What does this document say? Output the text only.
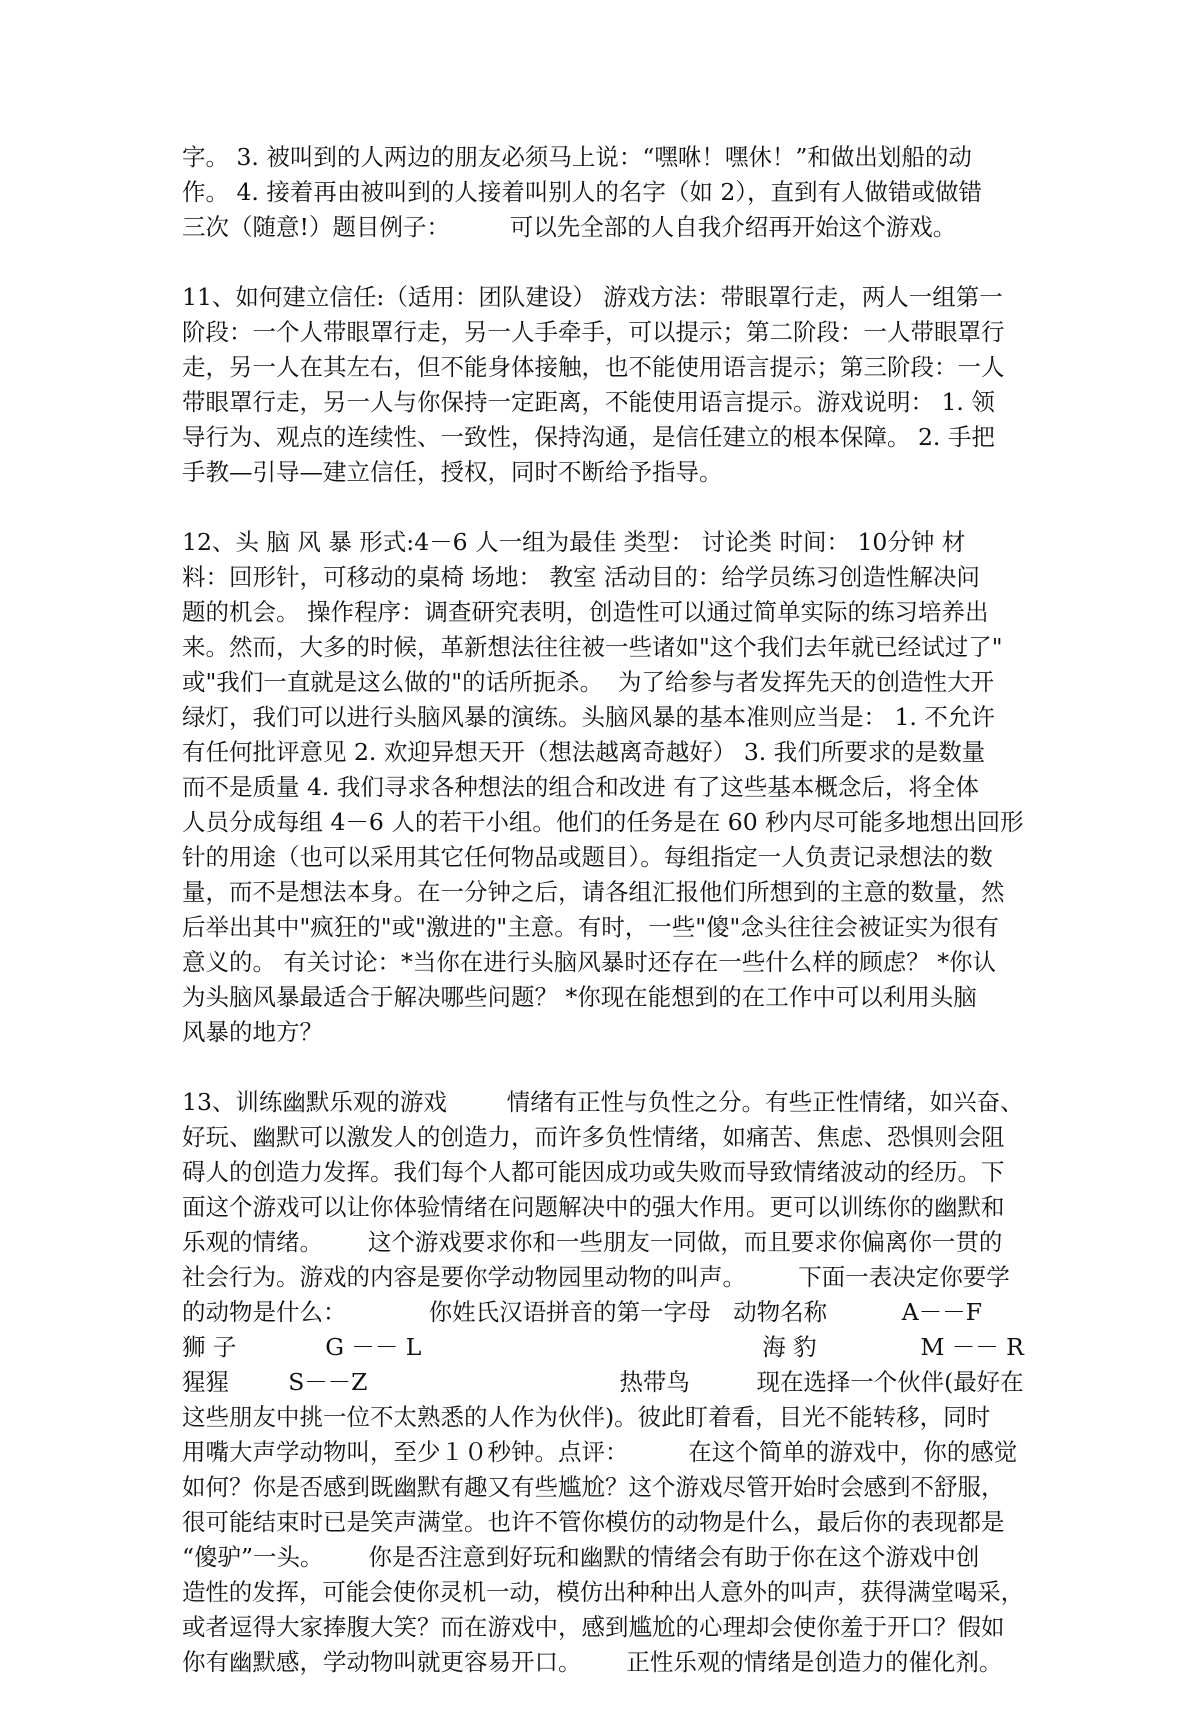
字。 3. 被叫到的人两边的朋友必须马上说：“嘿咻！嘿休！”和做出划船的动
作。 4. 接着再由被叫到的人接着叫别人的名字（如 2），直到有人做错或做错
三次（随意!）题目例子：        可以先全部的人自我介绍再开始这个游戏。
11、如何建立信任:（适用：团队建设） 游戏方法：带眼罩行走，两人一组第一
阶段：一个人带眼罩行走，另一人手牵手，可以提示；第二阶段：一人带眼罩行
走，另一人在其左右，但不能身体接触，也不能使用语言提示；第三阶段：一人
带眼罩行走，另一人与你保持一定距离，不能使用语言提示。游戏说明： 1. 领
导行为、观点的连续性、一致性，保持沟通，是信任建立的根本保障。 2. 手把
手教—引导—建立信任，授权，同时不断给予指导。
12、头 脑 风 暴 形式:4－6 人一组为最佳 类型： 讨论类 时间： 10分钟 材
料：回形针，可移动的桌椅 场地： 教室 活动目的：给学员练习创造性解决问
题的机会。 操作程序：调查研究表明，创造性可以通过简单实际的练习培养出
来。然而，大多的时候，革新想法往往被一些诸如"这个我们去年就已经试过了"
或"我们一直就是这么做的"的话所扼杀。  为了给参与者发挥先天的创造性大开
绿灯，我们可以进行头脑风暴的演练。头脑风暴的基本准则应当是： 1. 不允许
有任何批评意见 2. 欢迎异想天开（想法越离奇越好） 3. 我们所要求的是数量
而不是质量 4. 我们寻求各种想法的组合和改进 有了这些基本概念后，将全体
人员分成每组 4－6 人的若干小组。他们的任务是在 60 秒内尽可能多地想出回形
针的用途（也可以采用其它任何物品或题目）。每组指定一人负责记录想法的数
量，而不是想法本身。在一分钟之后，请各组汇报他们所想到的主意的数量，然
后举出其中"疯狂的"或"激进的"主意。有时，一些"傻"念头往往会被证实为很有
意义的。 有关讨论：*当你在进行头脑风暴时还存在一些什么样的顾虑？ *你认
为头脑风暴最适合于解决哪些问题？ *你现在能想到的在工作中可以利用头脑
风暴的地方？
13、训练幽默乐观的游戏        情绪有正性与负性之分。有些正性情绪，如兴奋、
好玩、幽默可以激发人的创造力，而许多负性情绪，如痛苦、焦虑、恐惧则会阻
碍人的创造力发挥。我们每个人都可能因成功或失败而导致情绪波动的经历。下
面这个游戏可以让你体验情绪在问题解决中的强大作用。更可以训练你的幽默和
乐观的情绪。      这个游戏要求你和一些朋友一同做，而且要求你偏离你一贯的
社会行为。游戏的内容是要你学动物园里动物的叫声。       下面一表决定你要学
的动物是什么：           你姓氏汉语拼音的第一字母   动物名称          A－－F
狮 子            G －－ L                                              海 豹              M －－ R
猩猩        S－－Z                                  热带鸟         现在选择一个伙伴(最好在
这些朋友中挑一位不太熟悉的人作为伙伴)。彼此盯着看，目光不能转移，同时
用嘴大声学动物叫，至少１０秒钟。点评：        在这个简单的游戏中，你的感觉
如何？你是否感到既幽默有趣又有些尴尬？这个游戏尽管开始时会感到不舒服，
很可能结束时已是笑声满堂。也许不管你模仿的动物是什么，最后你的表现都是
“傻驴”一头。      你是否注意到好玩和幽默的情绪会有助于你在这个游戏中创
造性的发挥，可能会使你灵机一动，模仿出种种出人意外的叫声，获得满堂喝采，
或者逗得大家捧腹大笑？而在游戏中，感到尴尬的心理却会使你羞于开口？假如
你有幽默感，学动物叫就更容易开口。      正性乐观的情绪是创造力的催化剂。
